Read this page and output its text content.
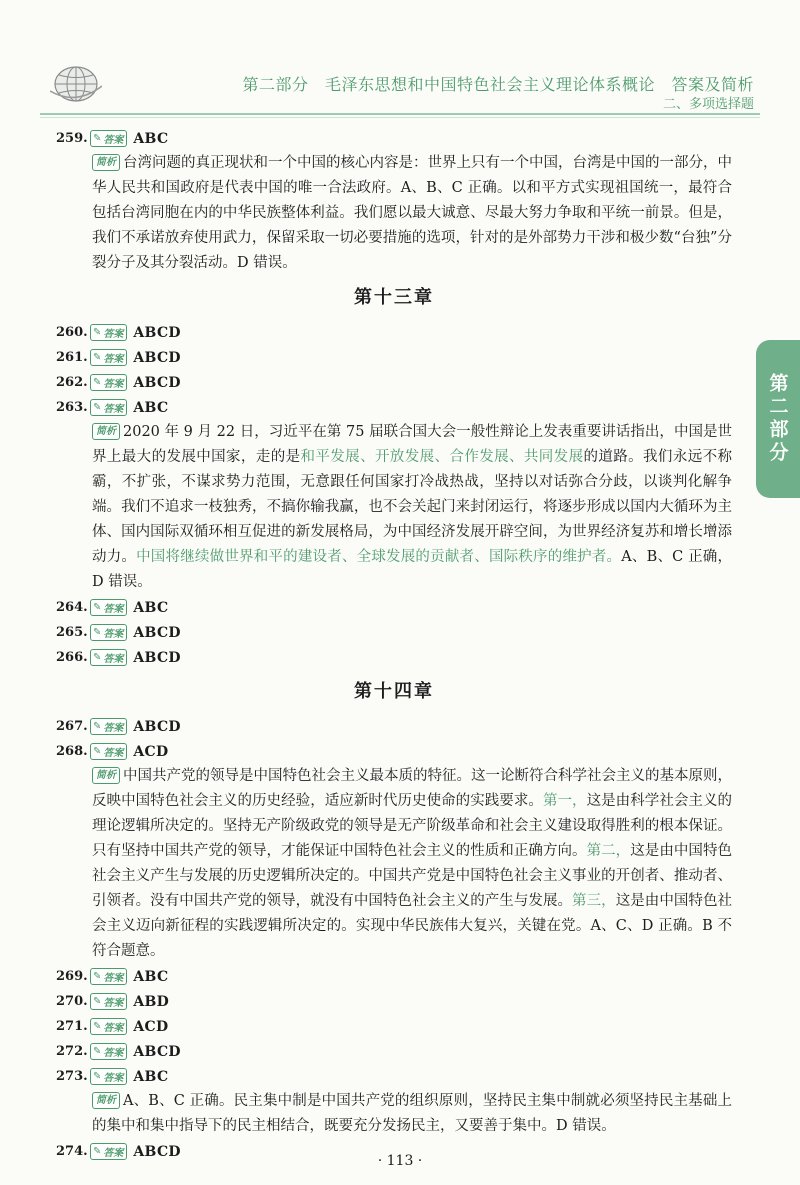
第二部分　毛泽东思想和中国特色社会主义理论体系概论　答案及简析
二、多项选择题
第二部分
259. ✎ 答案 ABC
简析 台湾问题的真正现状和一个中国的核心内容是：世界上只有一个中国，台湾是中国的一部分，中华人民共和国政府是代表中国的唯一合法政府。A、B、C 正确。以和平方式实现祖国统一，最符合包括台湾同胞在内的中华民族整体利益。我们愿以最大诚意、尽最大努力争取和平统一前景。但是，我们不承诺放弃使用武力，保留采取一切必要措施的选项，针对的是外部势力干涉和极少数“台独”分裂分子及其分裂活动。D 错误。
第十三章
260. ✎ 答案 ABCD
261. ✎ 答案 ABCD
262. ✎ 答案 ABCD
263. ✎ 答案 ABC
简析 2020 年 9 月 22 日，习近平在第 75 届联合国大会一般性辩论上发表重要讲话指出，中国是世界上最大的发展中国家，走的是和平发展、开放发展、合作发展、共同发展的道路。我们永远不称霸，不扩张，不谋求势力范围，无意跟任何国家打冷战热战，坚持以对话弥合分歧，以谈判化解争端。我们不追求一枝独秀，不搞你输我赢，也不会关起门来封闭运行，将逐步形成以国内大循环为主体、国内国际双循环相互促进的新发展格局，为中国经济发展开辟空间，为世界经济复苏和增长增添动力。中国将继续做世界和平的建设者、全球发展的贡献者、国际秩序的维护者。A、B、C 正确，D 错误。
264. ✎ 答案 ABC
265. ✎ 答案 ABCD
266. ✎ 答案 ABCD
第十四章
267. ✎ 答案 ABCD
268. ✎ 答案 ACD
简析 中国共产党的领导是中国特色社会主义最本质的特征。这一论断符合科学社会主义的基本原则，反映中国特色社会主义的历史经验，适应新时代历史使命的实践要求。第一，这是由科学社会主义的理论逻辑所决定的。坚持无产阶级政党的领导是无产阶级革命和社会主义建设取得胜利的根本保证。只有坚持中国共产党的领导，才能保证中国特色社会主义的性质和正确方向。第二，这是由中国特色社会主义产生与发展的历史逻辑所决定的。中国共产党是中国特色社会主义事业的开创者、推动者、引领者。没有中国共产党的领导，就没有中国特色社会主义的产生与发展。第三，这是由中国特色社会主义迈向新征程的实践逻辑所决定的。实现中华民族伟大复兴，关键在党。A、C、D 正确。B 不符合题意。
269. ✎ 答案 ABC
270. ✎ 答案 ABD
271. ✎ 答案 ACD
272. ✎ 答案 ABCD
273. ✎ 答案 ABC
简析 A、B、C 正确。民主集中制是中国共产党的组织原则，坚持民主集中制就必须坚持民主基础上的集中和集中指导下的民主相结合，既要充分发扬民主，又要善于集中。D 错误。
274. ✎ 答案 ABCD
· 113 ·
